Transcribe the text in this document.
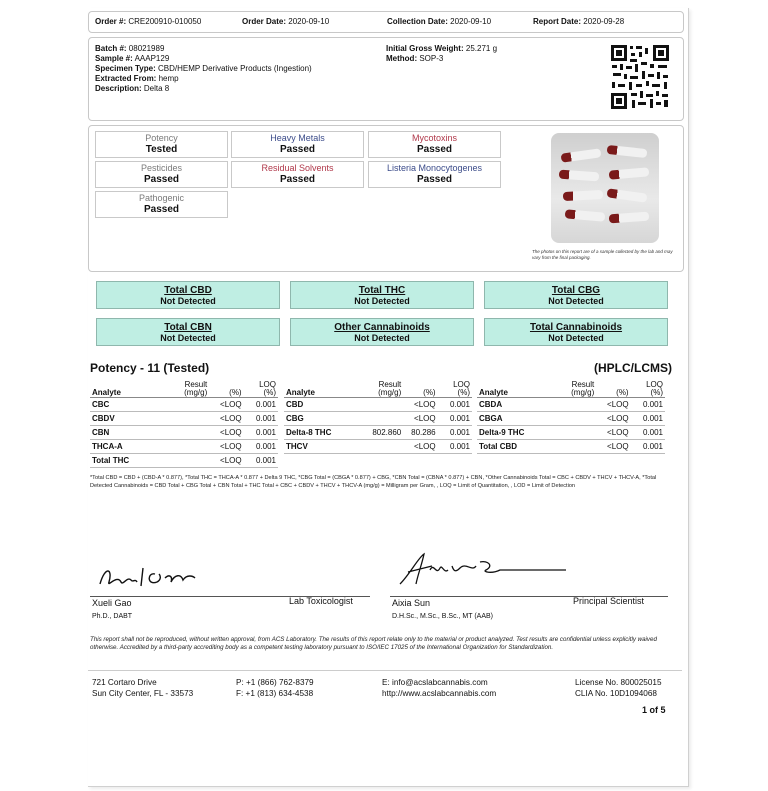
Order #: CRE200910-010050	Order Date: 2020-09-10	Collection Date: 2020-09-10	Report Date: 2020-09-28
Batch #: 08021989
Sample #: AAAP129
Specimen Type: CBD/HEMP Derivative Products (Ingestion)
Extracted From: hemp
Description: Delta 8
Initial Gross Weight: 25.271 g
Method: SOP-3
Potency
Tested
Heavy Metals
Passed
Mycotoxins
Passed
Pesticides
Passed
Residual Solvents
Passed
Listeria Monocytogenes
Passed
Pathogenic
Passed
The photos on this report are of a sample collected by the lab and may vary from the final packaging.
Total CBD
Not Detected
Total THC
Not Detected
Total CBG
Not Detected
Total CBN
Not Detected
Other Cannabinoids
Not Detected
Total Cannabinoids
Not Detected
Potency - 11 (Tested)	(HPLC/LCMS)
Analyte	Result
(mg/g)	(%)	LOQ
(%)
CBC		<LOQ	0.001
CBDV		<LOQ	0.001
CBN		<LOQ	0.001
THCA-A		<LOQ	0.001
Total THC		<LOQ	0.001
Analyte	Result
(mg/g)	(%)	LOQ
(%)
CBD		<LOQ	0.001
CBG		<LOQ	0.001
Delta-8 THC	802.860	80.286	0.001
THCV		<LOQ	0.001
Analyte	Result
(mg/g)	(%)	LOQ
(%)
CBDA		<LOQ	0.001
CBGA		<LOQ	0.001
Delta-9 THC		<LOQ	0.001
Total CBD		<LOQ	0.001
*Total CBD = CBD + (CBD-A * 0.877), *Total THC = THCA-A * 0.877 + Delta 9 THC, *CBG Total = (CBGA * 0.877) + CBG, *CBN Total = (CBNA * 0.877) + CBN, *Other Cannabinoids Total = CBC + CBDV + THCV + THCV-A, *Total Detected Cannabinoids = CBD Total + CBG Total + CBN Total + THC Total + CBC + CBDV + THCV + THCV-A (mg/g) = Milligram per Gram, , LOQ = Limit of Quantitation, , LOD = Limit of Detection
Xueli Gao	Lab Toxicologist
Ph.D., DABT
Aixia Sun	Principal Scientist
D.H.Sc., M.Sc., B.Sc., MT (AAB)
This report shall not be reproduced, without written approval, from ACS Laboratory. The results of this report relate only to the material or product analyzed. Test results are confidential unless explicitly waived otherwise. Accredited by a third-party accrediting body as a competent testing laboratory pursuant to ISO/IEC 17025 of the International Organization for Standardization.
721 Cortaro Drive
Sun City Center, FL - 33573
P: +1 (866) 762-8379
F: +1 (813) 634-4538
E: info@acslabcannabis.com
http://www.acslabcannabis.com
License No. 800025015
CLIA No. 10D1094068
1 of 5
